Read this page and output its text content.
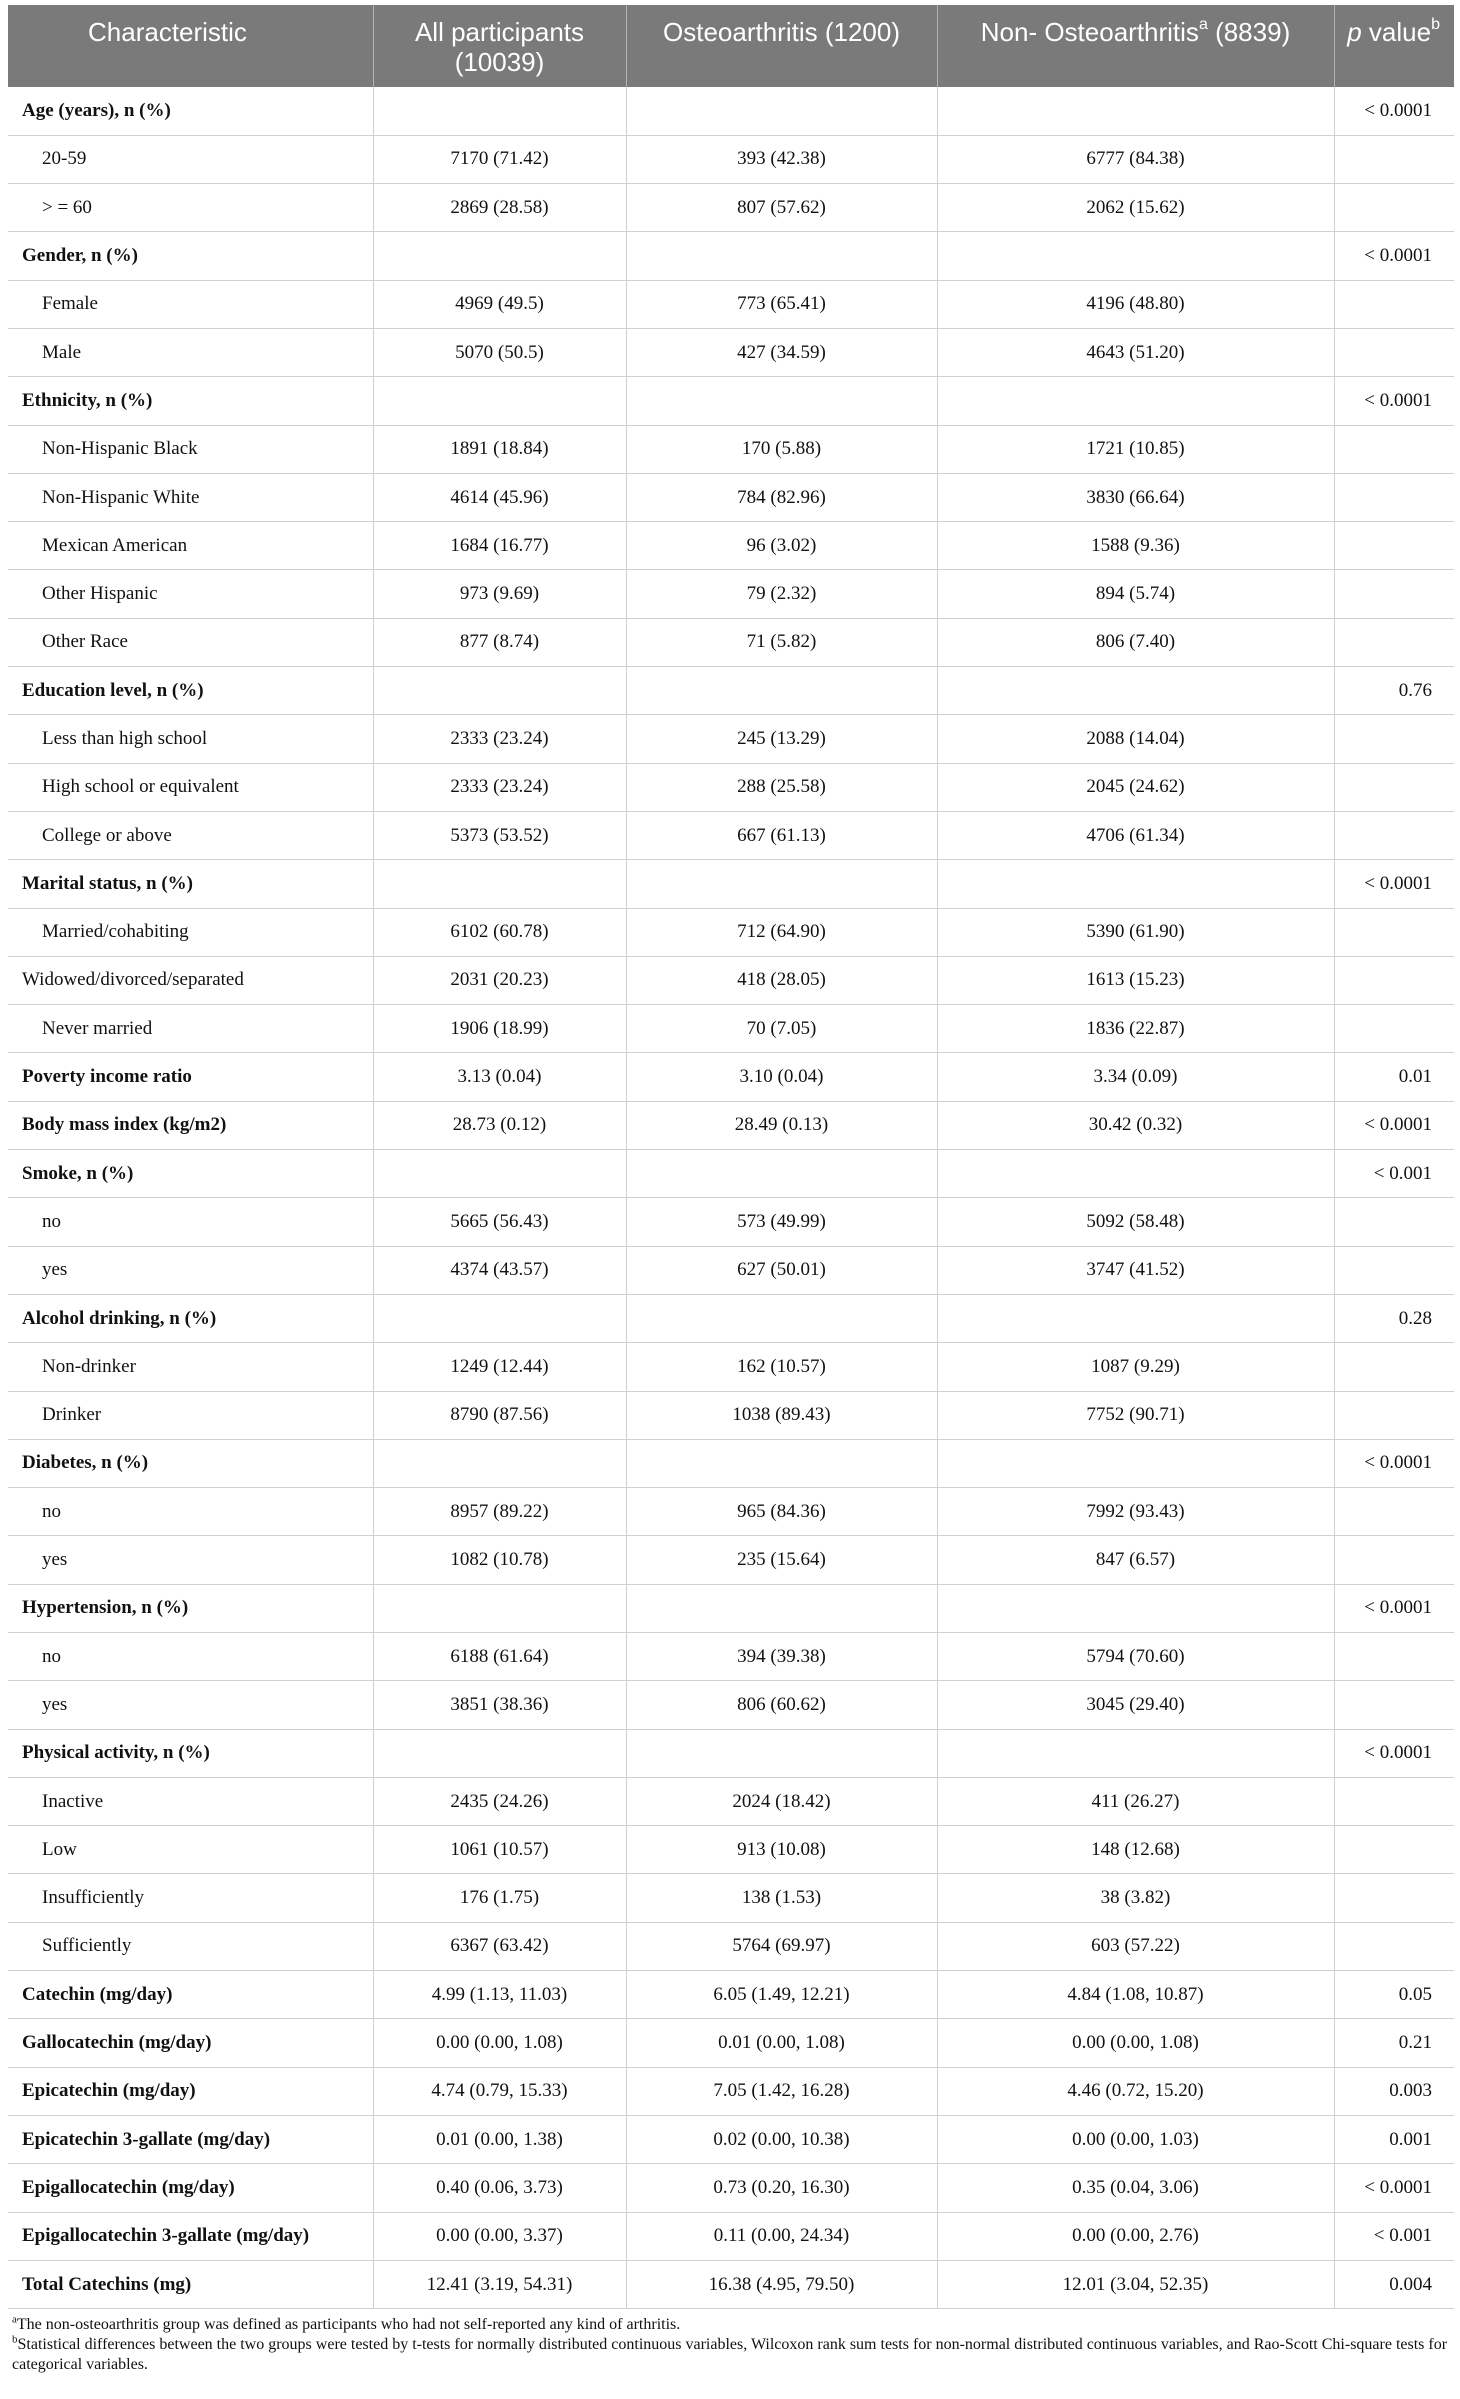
Characteristic	All participants (10039)	Osteoarthritis (1200)	Non- Osteoarthritis$^a$ (8839)	p value$^b$
Age (years), n (%)				< 0.0001
20-59	7170 (71.42)	393 (42.38)	6777 (84.38)	
> = 60	2869 (28.58)	807 (57.62)	2062 (15.62)	
Gender, n (%)				< 0.0001
Female	4969 (49.5)	773 (65.41)	4196 (48.80)	
Male	5070 (50.5)	427 (34.59)	4643 (51.20)	
Ethnicity, n (%)				< 0.0001
Non-Hispanic Black	1891 (18.84)	170 (5.88)	1721 (10.85)	
Non-Hispanic White	4614 (45.96)	784 (82.96)	3830 (66.64)	
Mexican American	1684 (16.77)	96 (3.02)	1588 (9.36)	
Other Hispanic	973 (9.69)	79 (2.32)	894 (5.74)	
Other Race	877 (8.74)	71 (5.82)	806 (7.40)	
Education level, n (%)				0.76
Less than high school	2333 (23.24)	245 (13.29)	2088 (14.04)	
High school or equivalent	2333 (23.24)	288 (25.58)	2045 (24.62)	
College or above	5373 (53.52)	667 (61.13)	4706 (61.34)	
Marital status, n (%)				< 0.0001
Married/cohabiting	6102 (60.78)	712 (64.90)	5390 (61.90)	
Widowed/divorced/separated	2031 (20.23)	418 (28.05)	1613 (15.23)	
Never married	1906 (18.99)	70 (7.05)	1836 (22.87)	
Poverty income ratio	3.13 (0.04)	3.10 (0.04)	3.34 (0.09)	0.01
Body mass index (kg/m2)	28.73 (0.12)	28.49 (0.13)	30.42 (0.32)	< 0.0001
Smoke, n (%)				< 0.001
no	5665 (56.43)	573 (49.99)	5092 (58.48)	
yes	4374 (43.57)	627 (50.01)	3747 (41.52)	
Alcohol drinking, n (%)				0.28
Non-drinker	1249 (12.44)	162 (10.57)	1087 (9.29)	
Drinker	8790 (87.56)	1038 (89.43)	7752 (90.71)	
Diabetes, n (%)				< 0.0001
no	8957 (89.22)	965 (84.36)	7992 (93.43)	
yes	1082 (10.78)	235 (15.64)	847 (6.57)	
Hypertension, n (%)				< 0.0001
no	6188 (61.64)	394 (39.38)	5794 (70.60)	
yes	3851 (38.36)	806 (60.62)	3045 (29.40)	
Physical activity, n (%)				< 0.0001
Inactive	2435 (24.26)	2024 (18.42)	411 (26.27)	
Low	1061 (10.57)	913 (10.08)	148 (12.68)	
Insufficiently	176 (1.75)	138 (1.53)	38 (3.82)	
Sufficiently	6367 (63.42)	5764 (69.97)	603 (57.22)	
Catechin (mg/day)	4.99 (1.13, 11.03)	6.05 (1.49, 12.21)	4.84 (1.08, 10.87)	0.05
Gallocatechin (mg/day)	0.00 (0.00, 1.08)	0.01 (0.00, 1.08)	0.00 (0.00, 1.08)	0.21
Epicatechin (mg/day)	4.74 (0.79, 15.33)	7.05 (1.42, 16.28)	4.46 (0.72, 15.20)	0.003
Epicatechin 3-gallate (mg/day)	0.01 (0.00, 1.38)	0.02 (0.00, 10.38)	0.00 (0.00, 1.03)	0.001
Epigallocatechin (mg/day)	0.40 (0.06, 3.73)	0.73 (0.20, 16.30)	0.35 (0.04, 3.06)	< 0.0001
Epigallocatechin 3-gallate (mg/day)	0.00 (0.00, 3.37)	0.11 (0.00, 24.34)	0.00 (0.00, 2.76)	< 0.001
Total Catechins (mg)	12.41 (3.19, 54.31)	16.38 (4.95, 79.50)	12.01 (3.04, 52.35)	0.004
$^a$The non-osteoarthritis group was defined as participants who had not self-reported any kind of arthritis.
$^b$Statistical differences between the two groups were tested by t-tests for normally distributed continuous variables, Wilcoxon rank sum tests for non-normal distributed continuous variables, and Rao-Scott Chi-square tests for categorical variables.
